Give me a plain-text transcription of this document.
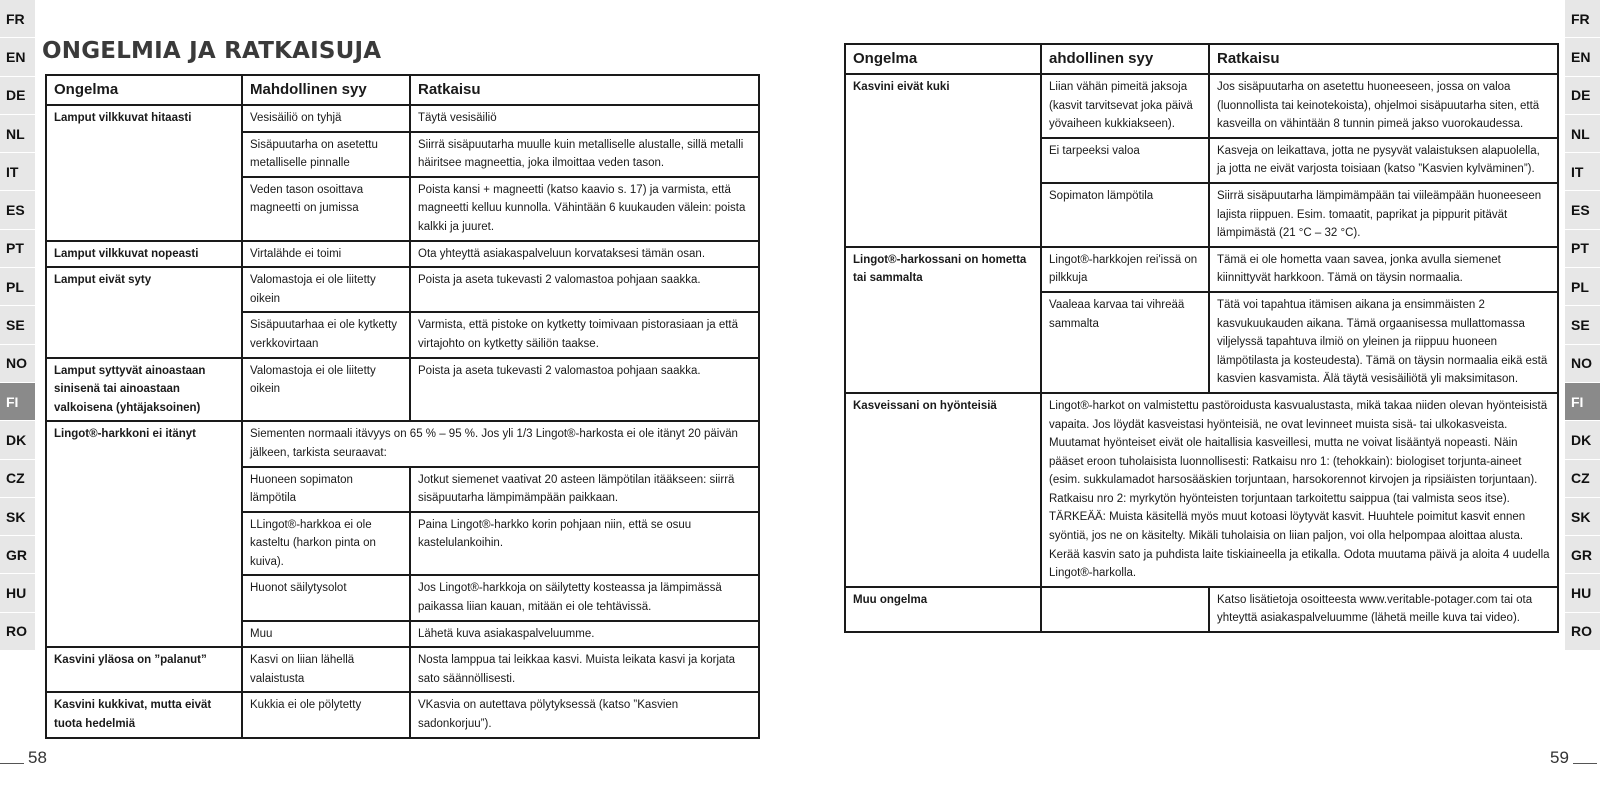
FR
EN
DE
NL
IT
ES
PT
PL
SE
NO
FI
DK
CZ
SK
GR
HU
RO
FR
EN
DE
NL
IT
ES
PT
PL
SE
NO
FI
DK
CZ
SK
GR
HU
RO
ONGELMIA JA RATKAISUJA
Ongelma	Mahdollinen syy	Ratkaisu
Lamput vilkkuvat hitaasti	Vesisäiliö on tyhjä	Täytä vesisäiliö
	Sisäpuutarha on asetettu metalliselle pinnalle	Siirrä sisäpuutarha muulle kuin metalliselle alustalle, sillä metalli häiritsee magneettia, joka ilmoittaa veden tason.
	Veden tason osoittava magneetti on jumissa	Poista kansi + magneetti (katso kaavio s. 17) ja varmista, että magneetti kelluu kunnolla. Vähintään 6 kuukauden välein: poista kalkki ja juuret.
Lamput vilkkuvat nopeasti	Virtalähde ei toimi	Ota yhteyttä asiakaspalveluun korvataksesi tämän osan.
Lamput eivät syty	Valomastoja ei ole liitetty oikein	Poista ja aseta tukevasti 2 valomastoa pohjaan saakka.
	Sisäpuutarhaa ei ole kytketty verkkovirtaan	Varmista, että pistoke on kytketty toimivaan pistorasiaan ja että virtajohto on kytketty säiliön taakse.
Lamput syttyvät ainoastaan sinisenä tai ainoastaan valkoisena (yhtäjaksoinen)	Valomastoja ei ole liitetty oikein	Poista ja aseta tukevasti 2 valomastoa pohjaan saakka.
Lingot®-harkkoni ei itänyt	Siementen normaali itävyys on 65 % – 95 %. Jos yli 1/3 Lingot®-harkosta ei ole itänyt 20 päivän jälkeen, tarkista seuraavat:	
	Huoneen sopimaton lämpötila	Jotkut siemenet vaativat 20 asteen lämpötilan itääkseen: siirrä sisäpuutarha lämpimämpään paikkaan.
	LLingot®-harkkoa ei ole kasteltu (harkon pinta on kuiva).	Paina Lingot®-harkko korin pohjaan niin, että se osuu kastelulankoihin.
	Huonot säilytysolot	Jos Lingot®-harkkoja on säilytetty kosteassa ja lämpimässä paikassa liian kauan, mitään ei ole tehtävissä.
	Muu	Lähetä kuva asiakaspalveluumme.
Kasvini yläosa on ”palanut”	Kasvi on liian lähellä valaistusta	Nosta lamppua tai leikkaa kasvi. Muista leikata kasvi ja korjata sato säännöllisesti.
Kasvini kukkivat, mutta eivät tuota hedelmiä	Kukkia ei ole pölytetty	VKasvia on autettava pölytyksessä (katso ”Kasvien sadonkorjuu”).
Ongelma	ahdollinen syy	Ratkaisu
Kasvini eivät kuki	Liian vähän pimeitä jaksoja (kasvit tarvitsevat joka päivä yövaiheen kukkiakseen).	Jos sisäpuutarha on asetettu huoneeseen, jossa on valoa (luonnollista tai keinotekoista), ohjelmoi sisäpuutarha siten, että kasveilla on vähintään 8 tunnin pimeä jakso vuorokaudessa.
	Ei tarpeeksi valoa	Kasveja on leikattava, jotta ne pysyvät valaistuksen alapuolella, ja jotta ne eivät varjosta toisiaan (katso ”Kasvien kylväminen”).
	Sopimaton lämpötila	Siirrä sisäpuutarha lämpimämpään tai viileämpään huoneeseen lajista riippuen. Esim. tomaatit, paprikat ja pippurit pitävät lämpimästä (21 °C – 32 °C).
Lingot®-harkossani on hometta tai sammalta	Lingot®-harkkojen rei'issä on pilkkuja	Tämä ei ole hometta vaan savea, jonka avulla siemenet kiinnittyvät harkkoon. Tämä on täysin normaalia.
	Vaaleaa karvaa tai vihreää sammalta	Tätä voi tapahtua itämisen aikana ja ensimmäisten 2 kasvukuukauden aikana. Tämä orgaanisessa mullattomassa viljelyssä tapahtuva ilmiö on yleinen ja riippuu huoneen lämpötilasta ja kosteudesta). Tämä on täysin normaalia eikä estä kasvien kasvamista. Älä täytä vesisäiliötä yli maksimitason.
Kasveissani on hyönteisiä	Lingot®-harkot on valmistettu pastöroidusta kasvualustasta, mikä takaa niiden olevan hyönteisistä vapaita. Jos löydät kasveistasi hyönteisiä, ne ovat levinneet muista sisä- tai ulkokasveista. Muutamat hyönteiset eivät ole haitallisia kasveillesi, mutta ne voivat lisääntyä nopeasti. Näin pääset eroon tuholaisista luonnollisesti: Ratkaisu nro 1: (tehokkain): biologiset torjunta-aineet (esim. sukkulamadot harsosääskien torjuntaan, harsokorennot kirvojen ja ripsiäisten torjuntaan). Ratkaisu nro 2: myrkytön hyönteisten torjuntaan tarkoitettu saippua (tai valmista seos itse). TÄRKEÄÄ: Muista käsitellä myös muut kotoasi löytyvät kasvit. Huuhtele poimitut kasvit ennen syöntiä, jos ne on käsitelty. Mikäli tuholaisia on liian paljon, voi olla helpompaa aloittaa alusta. Kerää kasvin sato ja puhdista laite tiskiaineella ja etikalla. Odota muutama päivä ja aloita 4 uudella Lingot®-harkolla.	
Muu ongelma		Katso lisätietoja osoitteesta www.veritable-potager.com tai ota yhteyttä asiakaspalveluumme (lähetä meille kuva tai video).
58	59
